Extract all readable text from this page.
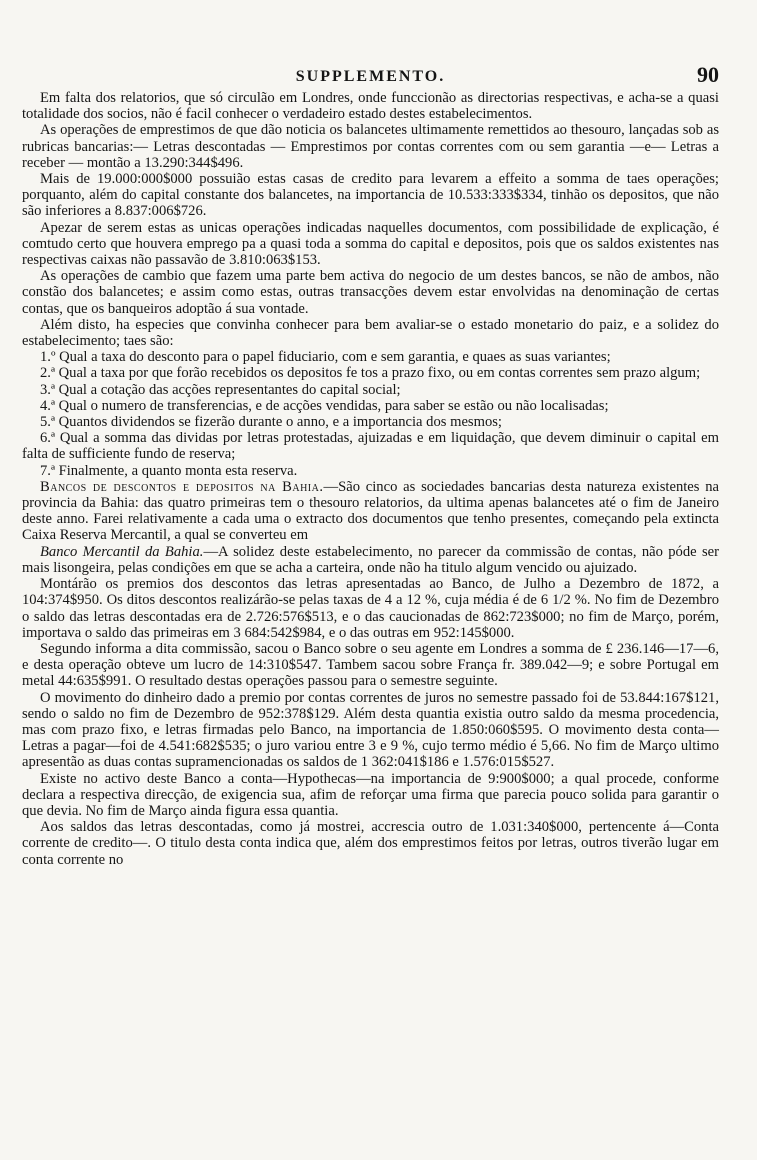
SUPPLEMENTO.	90

Em falta dos relatorios, que só circulão em Londres, onde funccionão as directorias respectivas, e acha-se a quasi totalidade dos socios, não é facil conhecer o verdadeiro estado destes estabelecimentos.

As operações de emprestimos de que dão noticia os balancetes ultimamente remettidos ao thesouro, lançadas sob as rubricas bancarias:— Letras descontadas — Emprestimos por contas correntes com ou sem garantia —e— Letras a receber — montão a 13.290:344$496.

Mais de 19.000:000$000 possuião estas casas de credito para levarem a effeito a somma de taes operações; porquanto, além do capital constante dos balancetes, na importancia de 10.533:333$334, tinhão os depositos, que não são inferiores a 8.837:006$726.

Apezar de serem estas as unicas operações indicadas naquelles documentos, com possibilidade de explicação, é comtudo certo que houvera emprego pa a quasi toda a somma do capital e depositos, pois que os saldos existentes nas respectivas caixas não passavão de 3.810:063$153.

As operações de cambio que fazem uma parte bem activa do negocio de um destes bancos, se não de ambos, não constão dos balancetes; e assim como estas, outras transacções devem estar envolvidas na denominação de certas contas, que os banqueiros adoptão á sua vontade.

Além disto, ha especies que convinha conhecer para bem avaliar-se o estado monetario do paiz, e a solidez do estabelecimento; taes são:

1.º Qual a taxa do desconto para o papel fiduciario, com e sem garantia, e quaes as suas variantes;

2.ª Qual a taxa por que forão recebidos os depositos fe tos a prazo fixo, ou em contas correntes sem prazo algum;

3.ª Qual a cotação das acções representantes do capital social;

4.ª Qual o numero de transferencias, e de acções vendidas, para saber se estão ou não localisadas;

5.ª Quantos dividendos se fizerão durante o anno, e a importancia dos mesmos;

6.ª Qual a somma das dividas por letras protestadas, ajuizadas e em liquidação, que devem diminuir o capital em falta de sufficiente fundo de reserva;

7.ª Finalmente, a quanto monta esta reserva.

Bancos de descontos e depositos na Bahia.—São cinco as sociedades bancarias desta natureza existentes na provincia da Bahia: das quatro primeiras tem o thesouro relatorios, da ultima apenas balancetes até o fim de Janeiro deste anno. Farei relativamente a cada uma o extracto dos documentos que tenho presentes, começando pela extincta Caixa Reserva Mercantil, a qual se converteu em

Banco Mercantil da Bahia.—A solidez deste estabelecimento, no parecer da commissão de contas, não póde ser mais lisongeira, pelas condições em que se acha a carteira, onde não ha titulo algum vencido ou ajuizado.

Montárão os premios dos descontos das letras apresentadas ao Banco, de Julho a Dezembro de 1872, a 104:374$950. Os ditos descontos realizárão-se pelas taxas de 4 a 12 %, cuja média é de 6 1/2 %. No fim de Dezembro o saldo das letras descontadas era de 2.726:576$513, e o das caucionadas de 862:723$000; no fim de Março, porém, importava o saldo das primeiras em 3 684:542$984, e o das outras em 952:145$000.

Segundo informa a dita commissão, sacou o Banco sobre o seu agente em Londres a somma de £ 236.146—17—6, e desta operação obteve um lucro de 14:310$547. Tambem sacou sobre França fr. 389.042—9; e sobre Portugal em metal 44:635$991. O resultado destas operações passou para o semestre seguinte.

O movimento do dinheiro dado a premio por contas correntes de juros no semestre passado foi de 53.844:167$121, sendo o saldo no fim de Dezembro de 952:378$129. Além desta quantia existia outro saldo da mesma procedencia, mas com prazo fixo, e letras firmadas pelo Banco, na importancia de 1.850:060$595. O movimento desta conta—Letras a pagar—foi de 4.541:682$535; o juro variou entre 3 e 9 %, cujo termo médio é 5,66. No fim de Março ultimo apresentão as duas contas supramencionadas os saldos de 1 362:041$186 e 1.576:015$527.

Existe no activo deste Banco a conta—Hypothecas—na importancia de 9:900$000; a qual procede, conforme declara a respectiva direcção, de exigencia sua, afim de reforçar uma firma que parecia pouco solida para garantir o que devia. No fim de Março ainda figura essa quantia.

Aos saldos das letras descontadas, como já mostrei, accrescia outro de 1.031:340$000, pertencente á—Conta corrente de credito—. O titulo desta conta indica que, além dos emprestimos feitos por letras, outros tiverão lugar em conta corrente no
